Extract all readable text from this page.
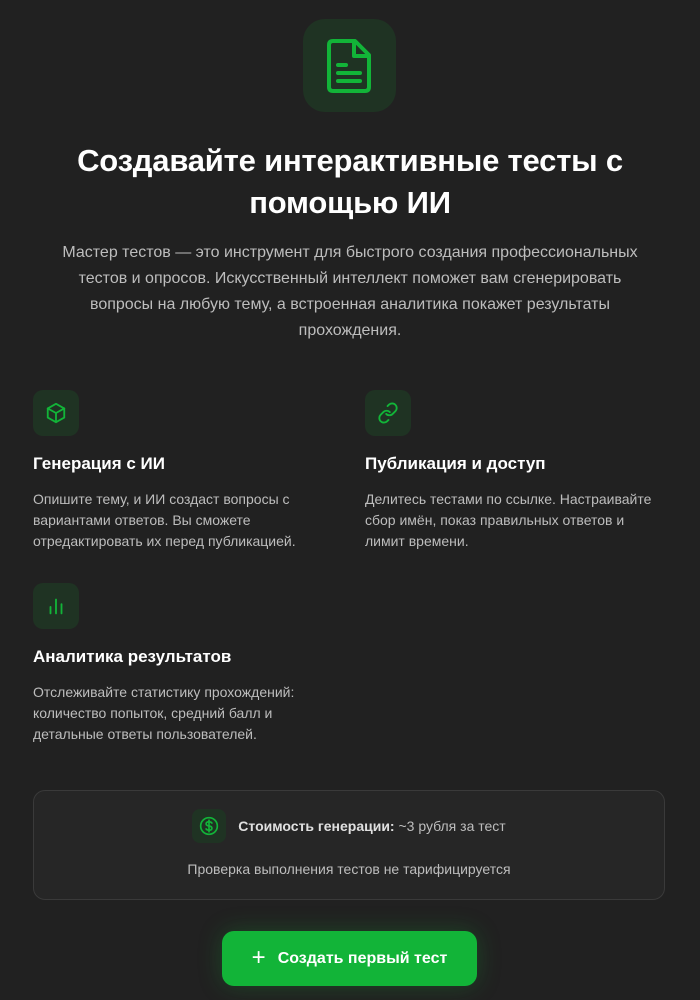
Создавайте интерактивные тесты с помощью ИИ

Мастер тестов — это инструмент для быстрого создания профессиональных тестов и опросов. Искусственный интеллект поможет вам сгенерировать вопросы на любую тему, а встроенная аналитика покажет результаты прохождения.

Генерация с ИИ

Опишите тему, и ИИ создаст вопросы с вариантами ответов. Вы сможете отредактировать их перед публикацией.

Публикация и доступ

Делитесь тестами по ссылке. Настраивайте сбор имён, показ правильных ответов и лимит времени.

Аналитика результатов

Отслеживайте статистику прохождений: количество попыток, средний балл и детальные ответы пользователей.

Стоимость генерации: ~3 рубля за тест
Проверка выполнения тестов не тарифицируется
+ Создать первый тест
